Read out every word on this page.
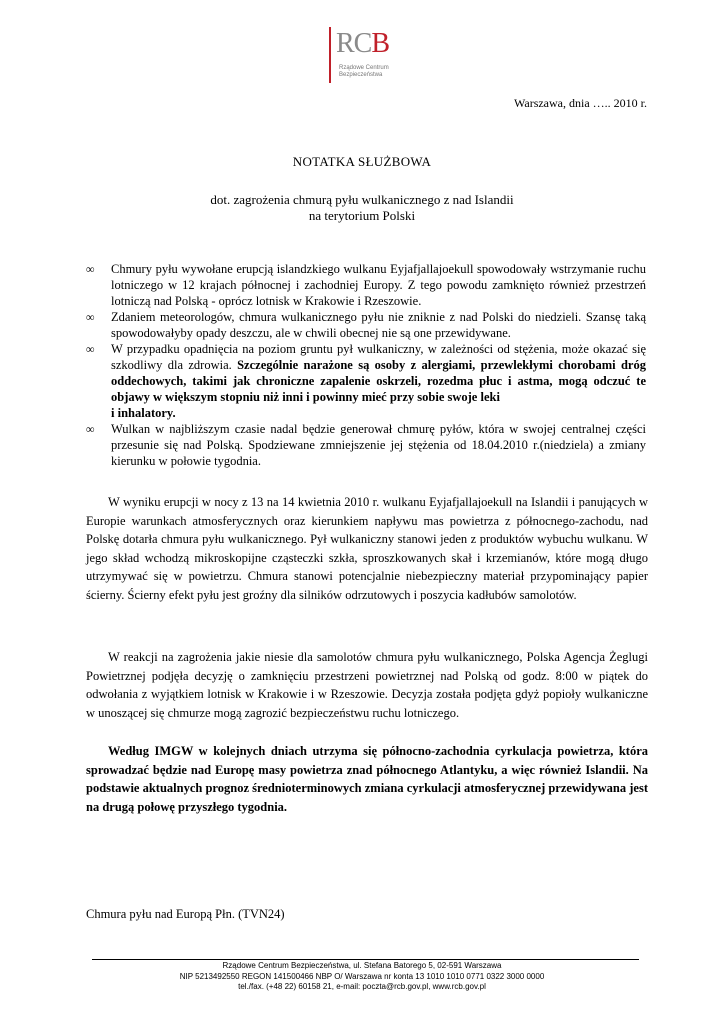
RCB
Rządowe Centrum
Bezpieczeństwa
Warszawa, dnia ….. 2010 r.
NOTATKA SŁUŻBOWA
dot. zagrożenia chmurą pyłu wulkanicznego z nad Islandii
na terytorium Polski
∞ Chmury pyłu wywołane erupcją islandzkiego wulkanu Eyjafjallajoekull spowodowały wstrzymanie ruchu lotniczego w 12 krajach północnej i zachodniej Europy. Z tego powodu zamknięto również przestrzeń lotniczą nad Polską - oprócz lotnisk w Krakowie i Rzeszowie.
∞ Zdaniem meteorologów, chmura wulkanicznego pyłu nie zniknie z nad Polski do niedzieli. Szansę taką spowodowałyby opady deszczu, ale w chwili obecnej nie są one przewidywane.
∞ W przypadku opadnięcia na poziom gruntu pył wulkaniczny, w zależności od stężenia, może okazać się szkodliwy dla zdrowia. Szczególnie narażone są osoby z alergiami, przewlekłymi chorobami dróg oddechowych, takimi jak chroniczne zapalenie oskrzeli, rozedma płuc i astma, mogą odczuć te objawy w większym stopniu niż inni i powinny mieć przy sobie swoje leki
i inhalatory.
∞ Wulkan w najbliższym czasie nadal będzie generował chmurę pyłów, która w swojej centralnej części przesunie się nad Polską. Spodziewane zmniejszenie jej stężenia od 18.04.2010 r.(niedziela) a zmiany kierunku w połowie tygodnia.

W wyniku erupcji w nocy z 13 na 14 kwietnia 2010 r. wulkanu Eyjafjallajoekull na Islandii i panujących w Europie warunkach atmosferycznych oraz kierunkiem napływu mas powietrza z północnego-zachodu, nad Polskę dotarła chmura pyłu wulkanicznego. Pył wulkaniczny stanowi jeden z produktów wybuchu wulkanu. W jego skład wchodzą mikroskopijne cząsteczki szkła, sproszkowanych skał i krzemianów, które mogą długo utrzymywać się w powietrzu. Chmura stanowi potencjalnie niebezpieczny materiał przypominający papier ścierny. Ścierny efekt pyłu jest groźny dla silników odrzutowych i poszycia kadłubów samolotów.

W reakcji na zagrożenia jakie niesie dla samolotów chmura pyłu wulkanicznego, Polska Agencja Żeglugi Powietrznej podjęła decyzję o zamknięciu przestrzeni powietrznej nad Polską od godz. 8:00 w piątek do odwołania z wyjątkiem lotnisk w Krakowie i w Rzeszowie. Decyzja została podjęta gdyż popioły wulkaniczne w unoszącej się chmurze mogą zagrozić bezpieczeństwu ruchu lotniczego.

Według IMGW w kolejnych dniach utrzyma się północno-zachodnia cyrkulacja powietrza, która sprowadzać będzie nad Europę masy powietrza znad północnego Atlantyku, a więc również Islandii. Na podstawie aktualnych prognoz średnioterminowych zmiana cyrkulacji atmosferycznej przewidywana jest na drugą połowę przyszłego tygodnia.

Chmura pyłu nad Europą Płn. (TVN24)
Rządowe Centrum Bezpieczeństwa, ul. Stefana Batorego 5, 02-591 Warszawa
NIP 5213492550 REGON 141500466 NBP O/ Warszawa nr konta 13 1010 1010 0771 0322 3000 0000
tel./fax. (+48 22) 60158 21, e-mail: poczta@rcb.gov.pl, www.rcb.gov.pl
